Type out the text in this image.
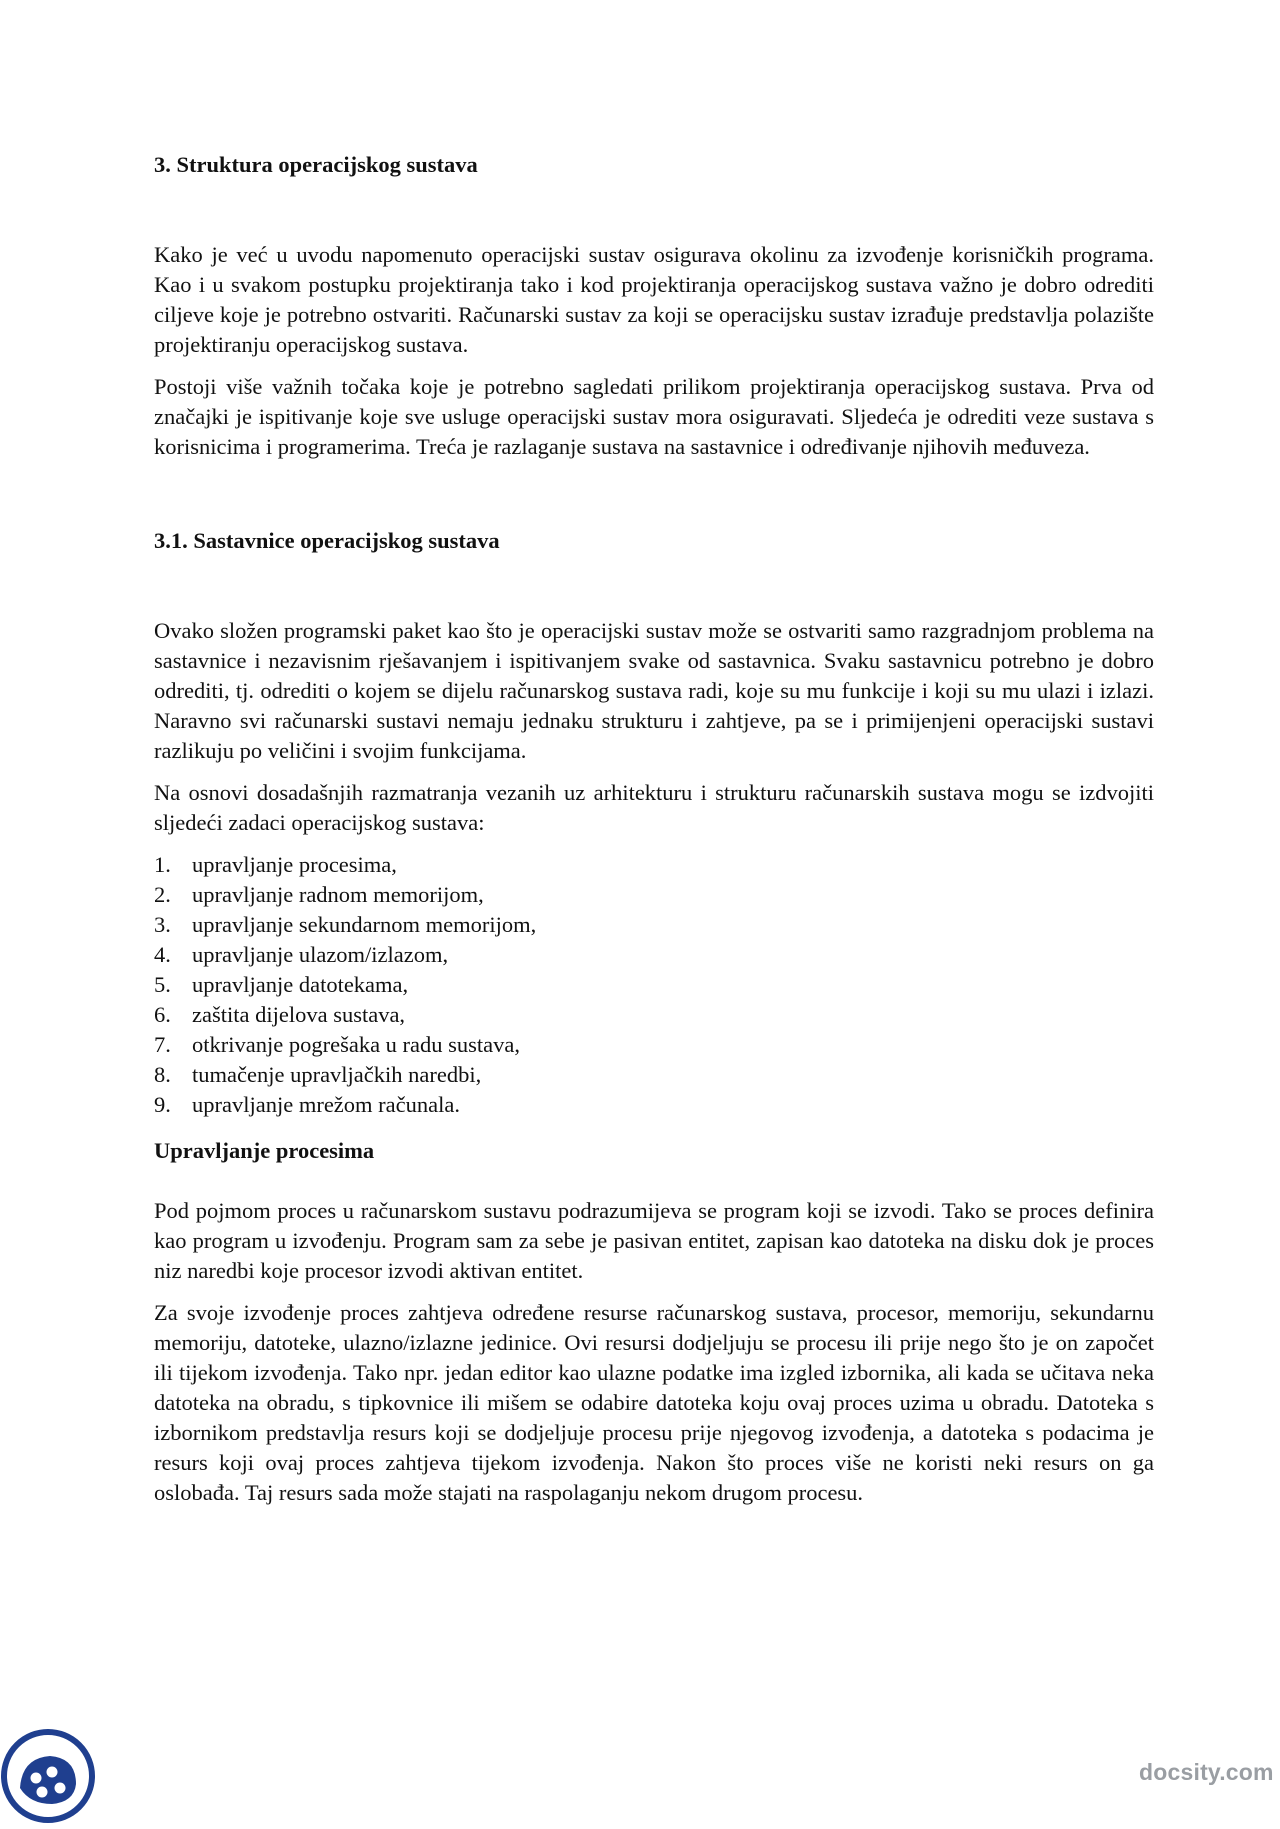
3. Struktura operacijskog sustava

Kako je već u uvodu napomenuto operacijski sustav osigurava okolinu za izvođenje korisničkih programa. Kao i u svakom postupku projektiranja tako i kod projektiranja operacijskog sustava važno je dobro odrediti ciljeve koje je potrebno ostvariti. Računarski sustav za koji se operacijsku sustav izrađuje predstavlja polazište projektiranju operacijskog sustava.

Postoji više važnih točaka koje je potrebno sagledati prilikom projektiranja operacijskog sustava. Prva od značajki je ispitivanje koje sve usluge operacijski sustav mora osiguravati. Sljedeća je odrediti veze sustava s korisnicima i programerima. Treća je razlaganje sustava na sastavnice i određivanje njihovih međuveza.

3.1. Sastavnice operacijskog sustava

Ovako složen programski paket kao što je operacijski sustav može se ostvariti samo razgradnjom problema na sastavnice i nezavisnim rješavanjem i ispitivanjem svake od sastavnica. Svaku sastavnicu potrebno je dobro odrediti, tj. odrediti o kojem se dijelu računarskog sustava radi, koje su mu funkcije i koji su mu ulazi i izlazi. Naravno svi računarski sustavi nemaju jednaku strukturu i zahtjeve, pa se i primijenjeni operacijski sustavi razlikuju po veličini i svojim funkcijama.

Na osnovi dosadašnjih razmatranja vezanih uz arhitekturu i strukturu računarskih sustava mogu se izdvojiti sljedeći zadaci operacijskog sustava:

1. upravljanje procesima,
2. upravljanje radnom memorijom,
3. upravljanje sekundarnom memorijom,
4. upravljanje ulazom/izlazom,
5. upravljanje datotekama,
6. zaštita dijelova sustava,
7. otkrivanje pogrešaka u radu sustava,
8. tumačenje upravljačkih naredbi,
9. upravljanje mrežom računala.
Upravljanje procesima

Pod pojmom proces u računarskom sustavu podrazumijeva se program koji se izvodi. Tako se proces definira kao program u izvođenju. Program sam za sebe je pasivan entitet, zapisan kao datoteka na disku dok je proces niz naredbi koje procesor izvodi aktivan entitet.

Za svoje izvođenje proces zahtjeva određene resurse računarskog sustava, procesor, memoriju, sekundarnu memoriju, datoteke, ulazno/izlazne jedinice. Ovi resursi dodjeljuju se procesu ili prije nego što je on započet ili tijekom izvođenja. Tako npr. jedan editor kao ulazne podatke ima izgled izbornika, ali kada se učitava neka datoteka na obradu, s tipkovnice ili mišem se odabire datoteka koju ovaj proces uzima u obradu. Datoteka s izbornikom predstavlja resurs koji se dodjeljuje procesu prije njegovog izvođenja, a datoteka s podacima je resurs koji ovaj proces zahtjeva tijekom izvođenja. Nakon što proces više ne koristi neki resurs on ga oslobađa. Taj resurs sada može stajati na raspolaganju nekom drugom procesu.

docsity.com
